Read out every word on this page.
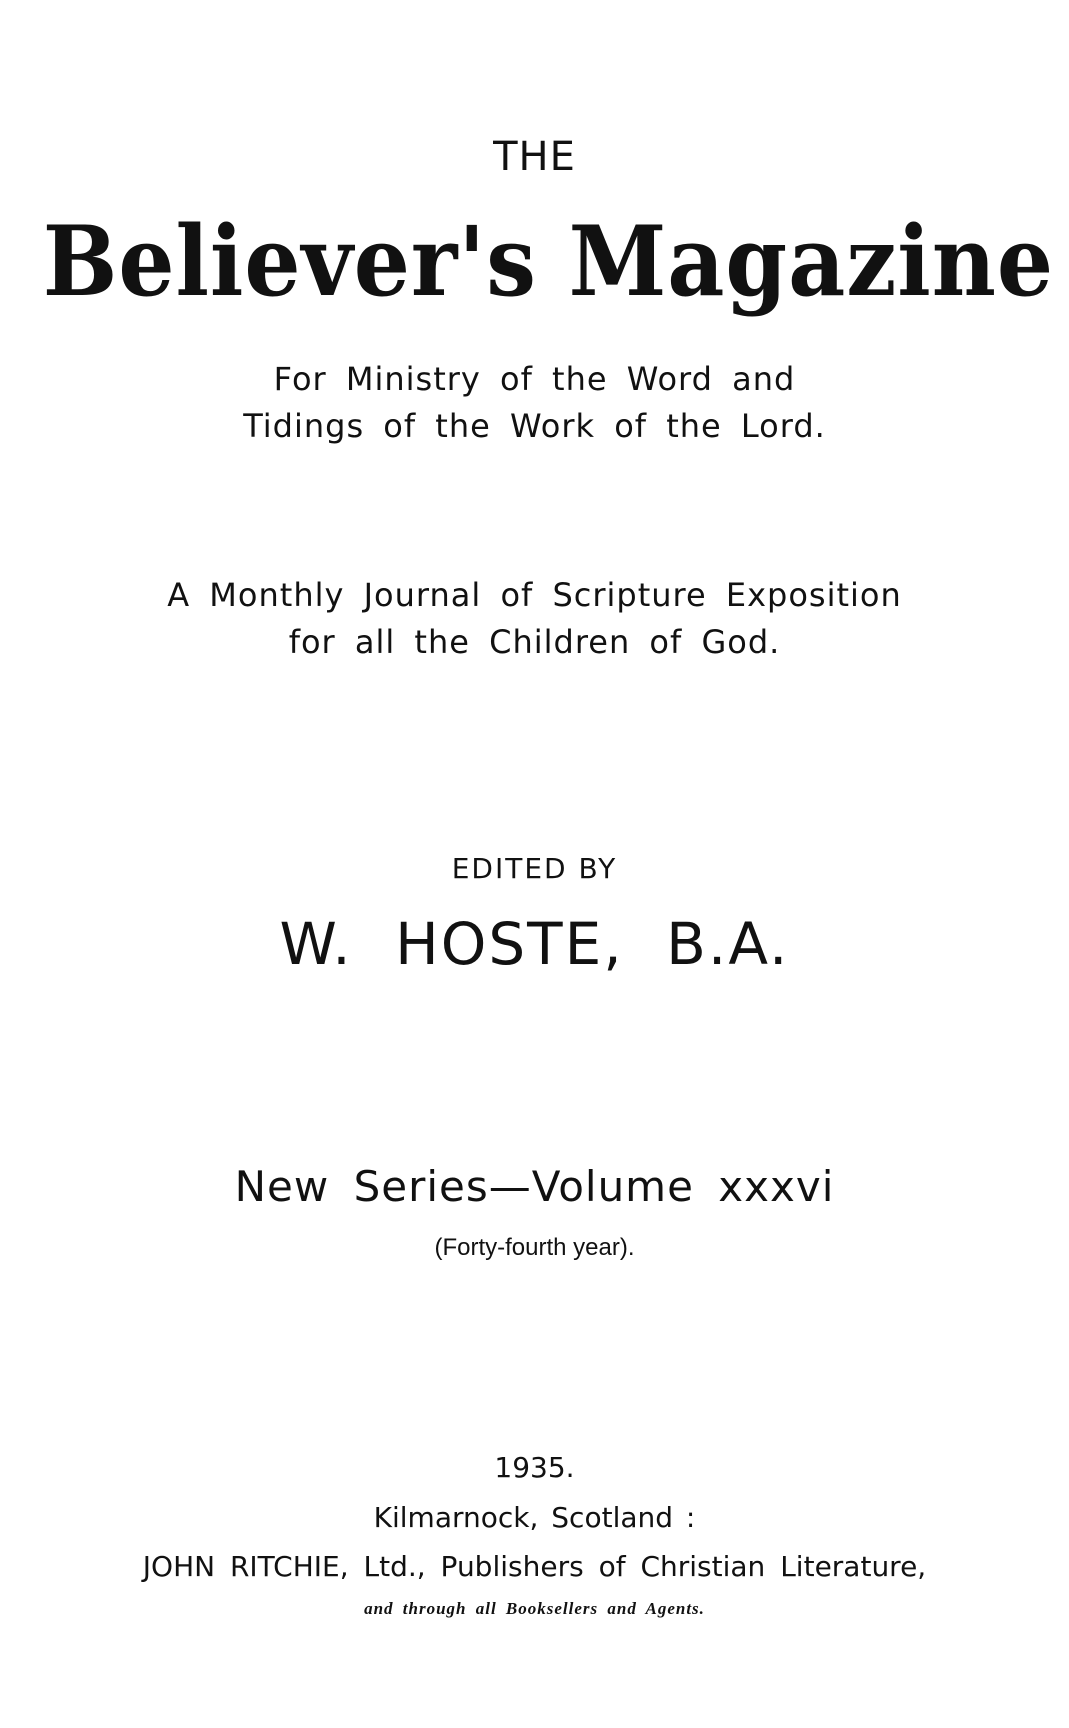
THE
Believer's Magazine
For Ministry of the Word and
Tidings of the Work of the Lord.
A Monthly Journal of Scripture Exposition
for all the Children of God.
EDITED BY
W. HOSTE, B.A.
New Series—Volume xxxvi
(Forty-fourth year).
1935.
Kilmarnock, Scotland :
JOHN RITCHIE, Ltd., Publishers of Christian Literature,
and through all Booksellers and Agents.
